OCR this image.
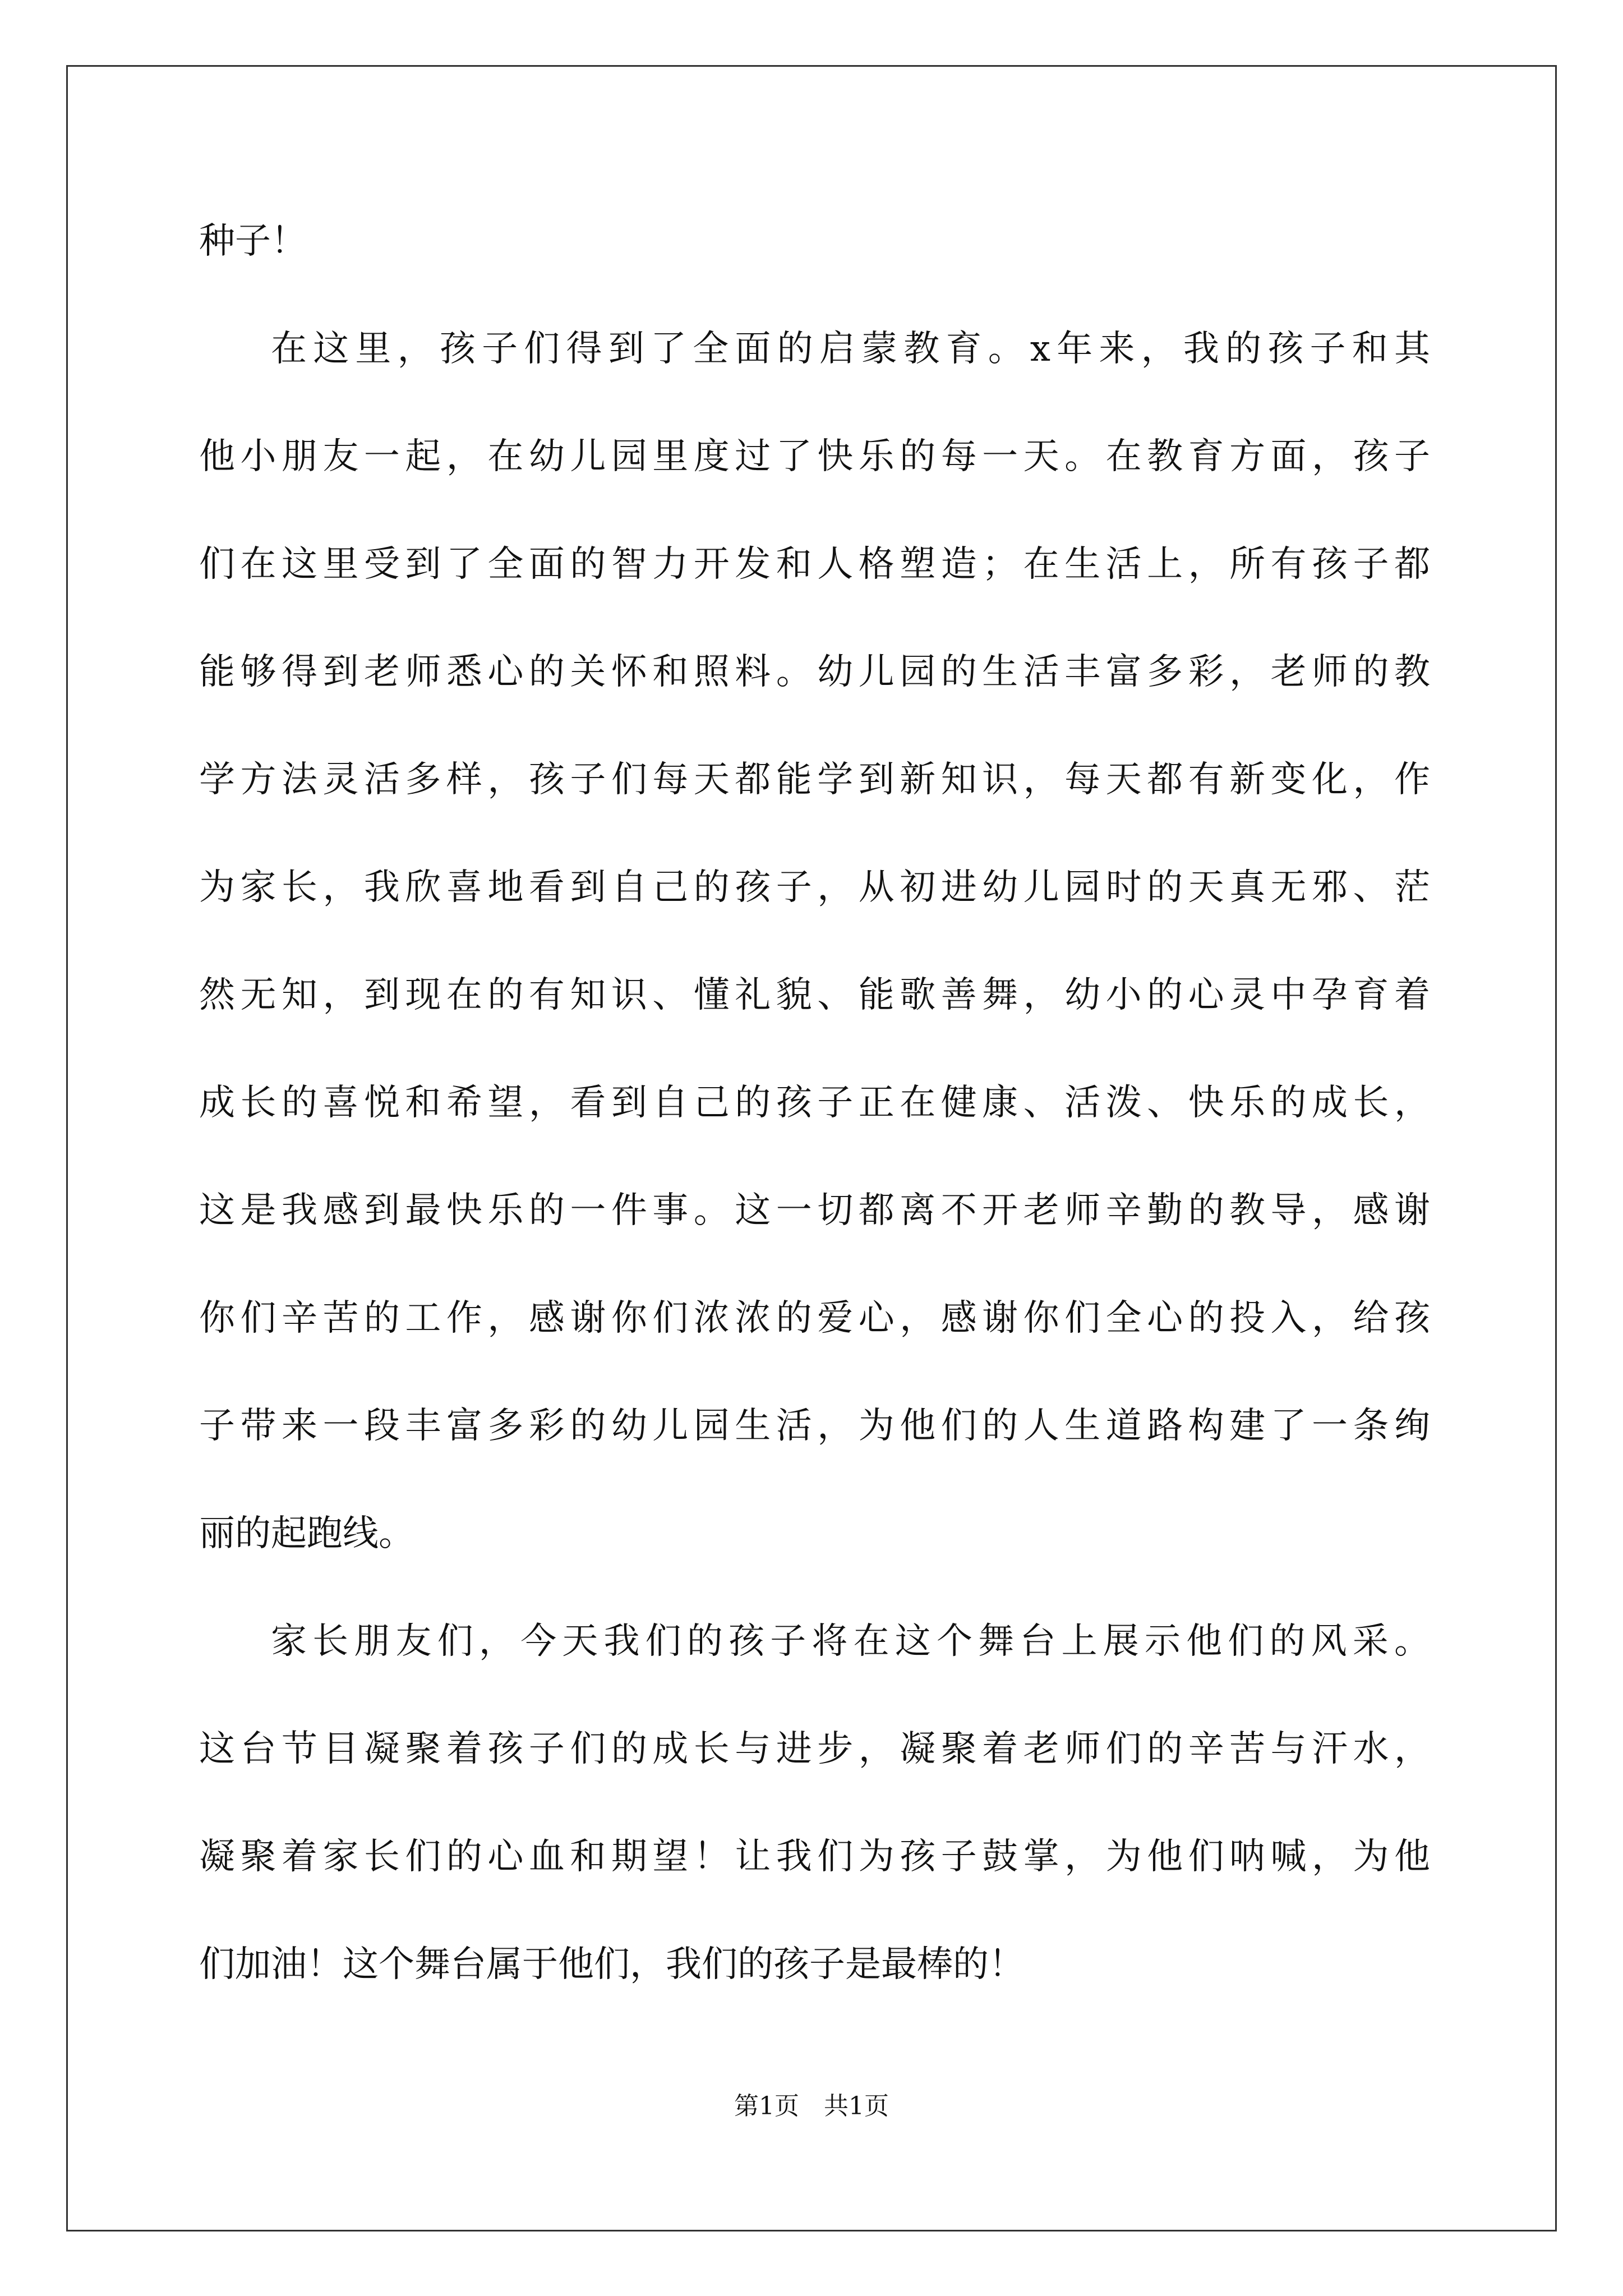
种子！
在这里，孩子们得到了全面的启蒙教育。x年来，我的孩子和其
他小朋友一起，在幼儿园里度过了快乐的每一天。在教育方面，孩子
们在这里受到了全面的智力开发和人格塑造；在生活上，所有孩子都
能够得到老师悉心的关怀和照料。幼儿园的生活丰富多彩，老师的教
学方法灵活多样，孩子们每天都能学到新知识，每天都有新变化，作
为家长，我欣喜地看到自己的孩子，从初进幼儿园时的天真无邪、茫
然无知，到现在的有知识、懂礼貌、能歌善舞，幼小的心灵中孕育着
成长的喜悦和希望，看到自己的孩子正在健康、活泼、快乐的成长，
这是我感到最快乐的一件事。这一切都离不开老师辛勤的教导，感谢
你们辛苦的工作，感谢你们浓浓的爱心，感谢你们全心的投入，给孩
子带来一段丰富多彩的幼儿园生活，为他们的人生道路构建了一条绚
丽的起跑线。
家长朋友们，今天我们的孩子将在这个舞台上展示他们的风采。
这台节目凝聚着孩子们的成长与进步，凝聚着老师们的辛苦与汗水，
凝聚着家长们的心血和期望！让我们为孩子鼓掌，为他们呐喊，为他
们加油！这个舞台属于他们，我们的孩子是最棒的！
第1页　 共1页
